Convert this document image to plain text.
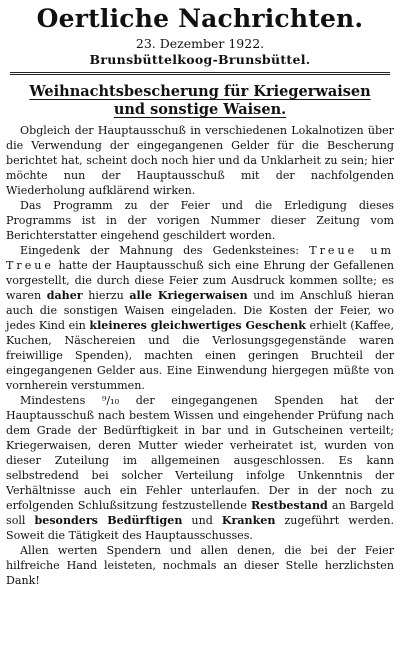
Oertliche Nachrichten.
23. Dezember 1922.
Brunsbüttelkoog-Brunsbüttel.
Weihnachtsbescherung für Kriegerwaisen
und sonstige Waisen.

Obgleich der Hauptausschuß in verschiedenen Lokalnotizen über die Verwendung der eingegangenen Gelder für die Bescherung berichtet hat, scheint doch noch hier und da Unklarheit zu sein; hier möchte nun der Hauptausschuß mit der nachfolgenden Wiederholung aufklärend wirken.

Das Programm zu der Feier und die Erledigung dieses Programms ist in der vorigen Nummer dieser Zeitung vom Berichterstatter eingehend geschildert worden.

Eingedenk der Mahnung des Gedenksteines: Treue um Treue hatte der Hauptausschuß sich eine Ehrung der Gefallenen vorgestellt, die durch diese Feier zum Ausdruck kommen sollte; es waren daher hierzu alle Kriegerwaisen und im Anschluß hieran auch die sonstigen Waisen eingeladen. Die Kosten der Feier, wo jedes Kind ein kleineres gleichwertiges Geschenk erhielt (Kaffee, Kuchen, Näschereien und die Verlosungsgegenstände waren freiwillige Spenden), machten einen geringen Bruchteil der eingegangenen Gelder aus. Eine Einwendung hiergegen müßte von vornherein verstummen.

Mindestens ⁹/₁₀ der eingegangenen Spenden hat der Hauptausschuß nach bestem Wissen und eingehender Prüfung nach dem Grade der Bedürftigkeit in bar und in Gutscheinen verteilt; Kriegerwaisen, deren Mutter wieder verheiratet ist, wurden von dieser Zuteilung im allgemeinen ausgeschlossen. Es kann selbstredend bei solcher Verteilung infolge Unkenntnis der Verhältnisse auch ein Fehler unterlaufen. Der in der noch zu erfolgenden Schlußsitzung festzustellende Restbestand an Bargeld soll besonders Bedürftigen und Kranken zugeführt werden. Soweit die Tätigkeit des Hauptausschusses.

Allen werten Spendern und allen denen, die bei der Feier hilfreiche Hand leisteten, nochmals an dieser Stelle herzlichsten Dank!
